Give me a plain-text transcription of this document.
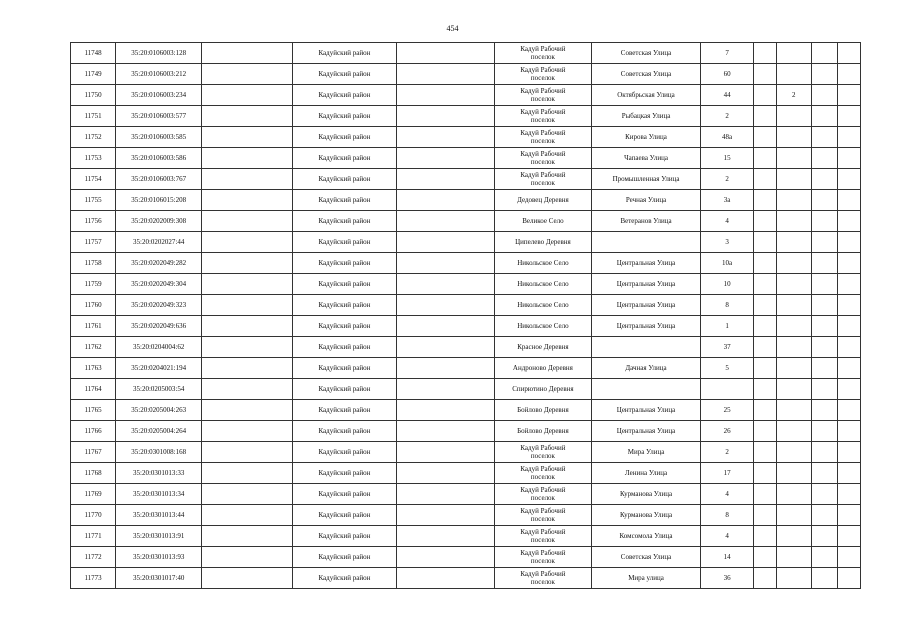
454
11748	35:20:0106003:128		Кадуйский район		Кадуй Рабочий поселок	Советская Улица	7				
11749	35:20:0106003:212		Кадуйский район		Кадуй Рабочий поселок	Советская Улица	60				
11750	35:20:0106003:234		Кадуйский район		Кадуй Рабочий поселок	Октябрьская Улица	44		2		
11751	35:20:0106003:577		Кадуйский район		Кадуй Рабочий поселок	Рыбацкая Улица	2				
11752	35:20:0106003:585		Кадуйский район		Кадуй Рабочий поселок	Кирова Улица	48а				
11753	35:20:0106003:586		Кадуйский район		Кадуй Рабочий поселок	Чапаева Улица	15				
11754	35:20:0106003:767		Кадуйский район		Кадуй Рабочий поселок	Промышленная Улица	2				
11755	35:20:0106015:208		Кадуйский район		Дедовец Деревня	Речная Улица	3а				
11756	35:20:0202009:308		Кадуйский район		Великое Село	Ветеранов Улица	4				
11757	35:20:0202027:44		Кадуйский район		Ципелево Деревня		3				
11758	35:20:0202049:282		Кадуйский район		Никольское Село	Центральная Улица	10а				
11759	35:20:0202049:304		Кадуйский район		Никольское Село	Центральная Улица	10				
11760	35:20:0202049:323		Кадуйский район		Никольское Село	Центральная Улица	8				
11761	35:20:0202049:636		Кадуйский район		Никольское Село	Центральная Улица	1				
11762	35:20:0204004:62		Кадуйский район		Красное Деревня		37				
11763	35:20:0204021:194		Кадуйский район		Андроново Деревня	Дачная Улица	5				
11764	35:20:0205003:54		Кадуйский район		Спирютино Деревня						
11765	35:20:0205004:263		Кадуйский район		Бойлово Деревня	Центральная Улица	25				
11766	35:20:0205004:264		Кадуйский район		Бойлово Деревня	Центральная Улица	26				
11767	35:20:0301008:168		Кадуйский район		Кадуй Рабочий поселок	Мира Улица	2				
11768	35:20:0301013:33		Кадуйский район		Кадуй Рабочий поселок	Ленина Улица	17				
11769	35:20:0301013:34		Кадуйский район		Кадуй Рабочий поселок	Курманова Улица	4				
11770	35:20:0301013:44		Кадуйский район		Кадуй Рабочий поселок	Курманова Улица	8				
11771	35:20:0301013:91		Кадуйский район		Кадуй Рабочий поселок	Комсомола Улица	4				
11772	35:20:0301013:93		Кадуйский район		Кадуй Рабочий поселок	Советская Улица	14				
11773	35:20:0301017:40		Кадуйский район		Кадуй Рабочий поселок	Мира улица	36				
